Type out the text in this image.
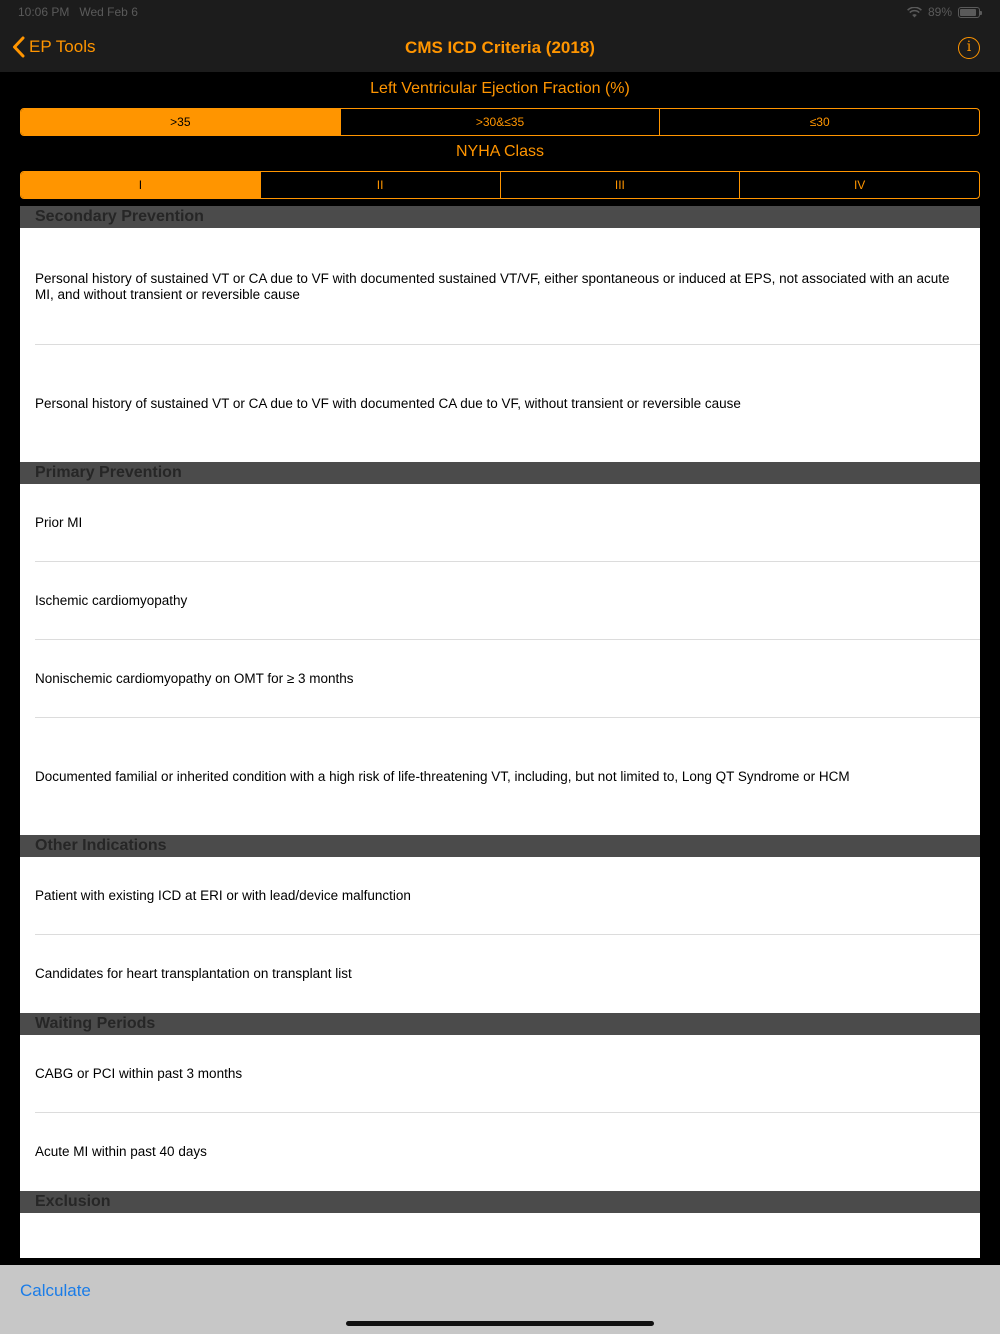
10:06 PM Wed Feb 6	89%
EP Tools	CMS ICD Criteria (2018)	i
Left Ventricular Ejection Fraction (%)
>35	>30&≤35	≤30
NYHA Class
I	II	III	IV
Secondary Prevention
Personal history of sustained VT or CA due to VF with documented sustained VT/VF, either spontaneous or induced at EPS, not associated with an acute MI, and without transient or reversible cause
Personal history of sustained VT or CA due to VF with documented CA due to VF, without transient or reversible cause
Primary Prevention
Prior MI
Ischemic cardiomyopathy
Nonischemic cardiomyopathy on OMT for ≥ 3 months
Documented familial or inherited condition with a high risk of life-threatening VT, including, but not limited to, Long QT Syndrome or HCM
Other Indications
Patient with existing ICD at ERI or with lead/device malfunction
Candidates for heart transplantation on transplant list
Waiting Periods
CABG or PCI within past 3 months
Acute MI within past 40 days
Exclusion
Calculate
